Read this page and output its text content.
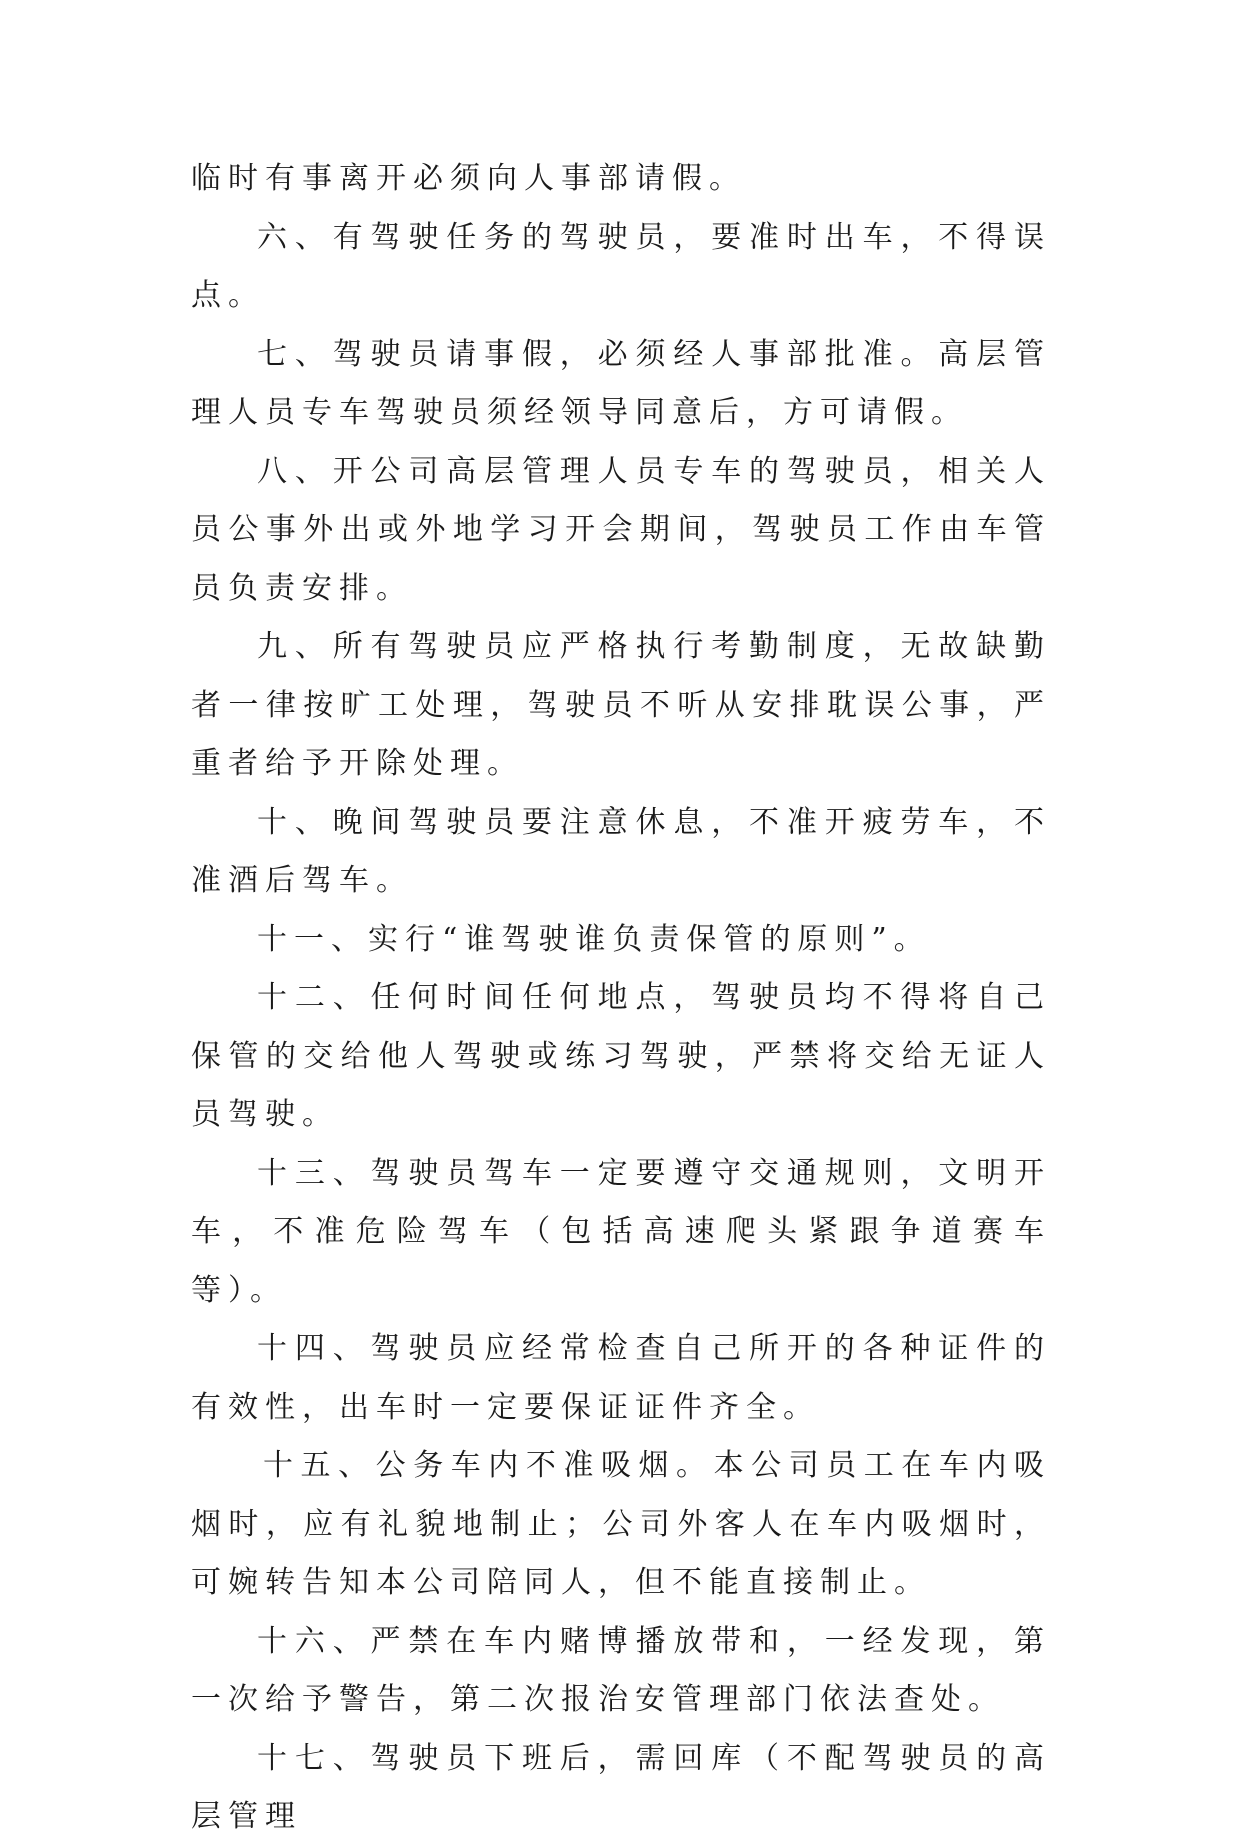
临时有事离开必须向人事部请假。

六、有驾驶任务的驾驶员，要准时出车，不得误点。

七、驾驶员请事假，必须经人事部批准。高层管理人员专车驾驶员须经领导同意后，方可请假。

八、开公司高层管理人员专车的驾驶员，相关人员公事外出或外地学习开会期间，驾驶员工作由车管员负责安排。

九、所有驾驶员应严格执行考勤制度，无故缺勤者一律按旷工处理，驾驶员不听从安排耽误公事，严重者给予开除处理。

十、晚间驾驶员要注意休息，不准开疲劳车，不准酒后驾车。

十一、实行“谁驾驶谁负责保管的原则”。

十二、任何时间任何地点，驾驶员均不得将自己保管的交给他人驾驶或练习驾驶，严禁将交给无证人员驾驶。

十三、驾驶员驾车一定要遵守交通规则，文明开车，不准危险驾车（包括高速爬头紧跟争道赛车等）。

十四、驾驶员应经常检查自己所开的各种证件的有效性，出车时一定要保证证件齐全。

十五、公务车内不准吸烟。本公司员工在车内吸烟时，应有礼貌地制止；公司外客人在车内吸烟时，可婉转告知本公司陪同人，但不能直接制止。

十六、严禁在车内赌博播放带和，一经发现，第一次给予警告，第二次报治安管理部门依法查处。

十七、驾驶员下班后，需回库（不配驾驶员的高层管理
